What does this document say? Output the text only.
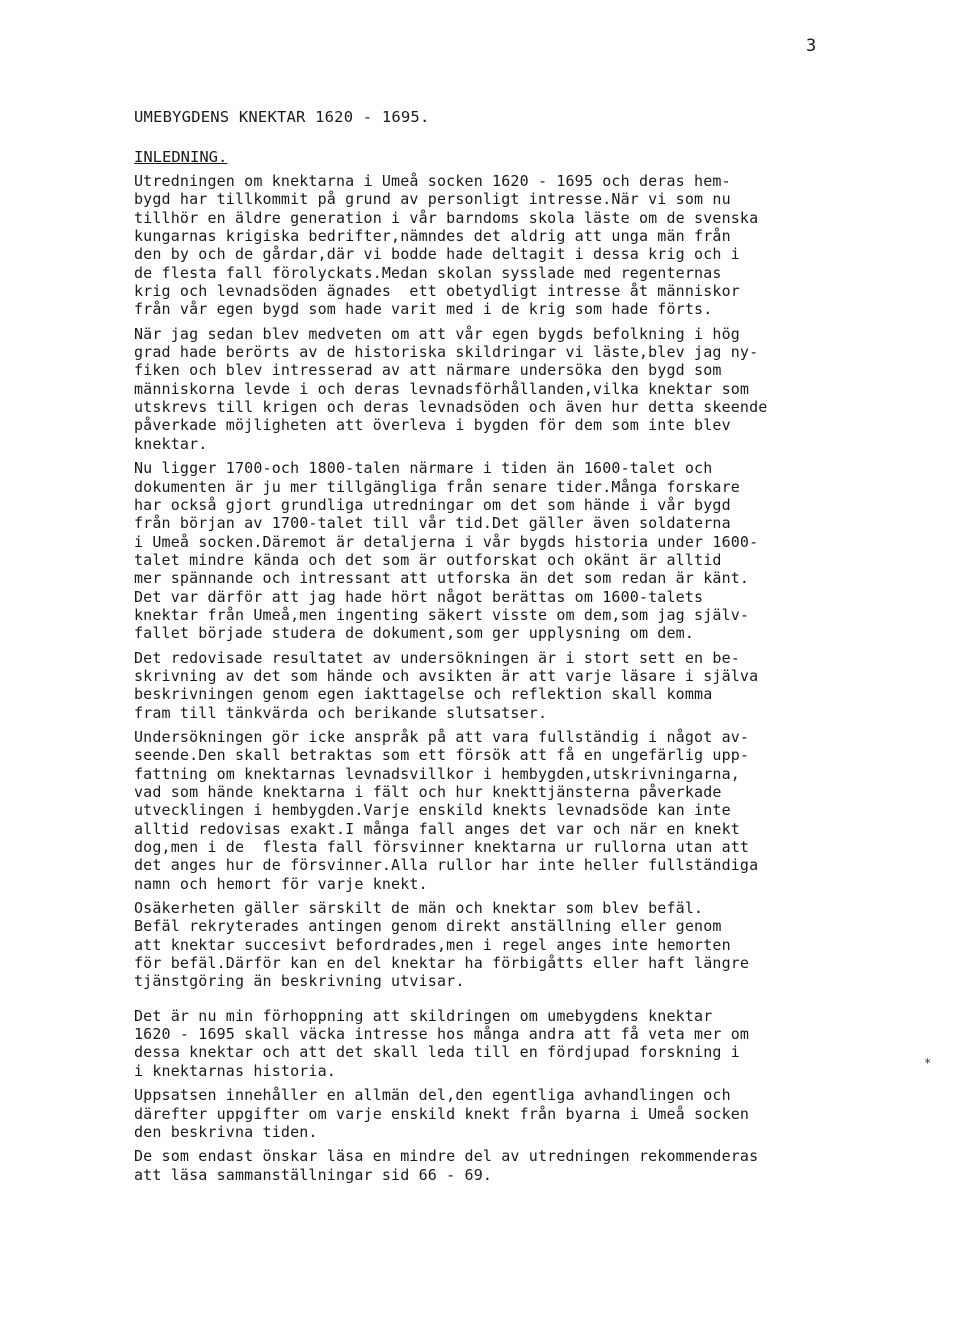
3
UMEBYGDENS KNEKTAR 1620 - 1695.
INLEDNING.
Utredningen om knektarna i Umeå socken 1620 - 1695 och deras hem-
bygd har tillkommit på grund av personligt intresse.När vi som nu
tillhör en äldre generation i vår barndoms skola läste om de svenska
kungarnas krigiska bedrifter,nämndes det aldrig att unga män från
den by och de gårdar,där vi bodde hade deltagit i dessa krig och i
de flesta fall förolyckats.Medan skolan sysslade med regenternas
krig och levnadsöden ägnades  ett obetydligt intresse åt människor
från vår egen bygd som hade varit med i de krig som hade förts.
När jag sedan blev medveten om att vår egen bygds befolkning i hög
grad hade berörts av de historiska skildringar vi läste,blev jag ny-
fiken och blev intresserad av att närmare undersöka den bygd som
människorna levde i och deras levnadsförhållanden,vilka knektar som
utskrevs till krigen och deras levnadsöden och även hur detta skeende
påverkade möjligheten att överleva i bygden för dem som inte blev
knektar.
Nu ligger 1700-och 1800-talen närmare i tiden än 1600-talet och
dokumenten är ju mer tillgängliga från senare tider.Många forskare
har också gjort grundliga utredningar om det som hände i vår bygd
från början av 1700-talet till vår tid.Det gäller även soldaterna
i Umeå socken.Däremot är detaljerna i vår bygds historia under 1600-
talet mindre kända och det som är outforskat och okänt är alltid
mer spännande och intressant att utforska än det som redan är känt.
Det var därför att jag hade hört något berättas om 1600-talets
knektar från Umeå,men ingenting säkert visste om dem,som jag själv-
fallet började studera de dokument,som ger upplysning om dem.
Det redovisade resultatet av undersökningen är i stort sett en be-
skrivning av det som hände och avsikten är att varje läsare i själva
beskrivningen genom egen iakttagelse och reflektion skall komma
fram till tänkvärda och berikande slutsatser.
Undersökningen gör icke anspråk på att vara fullständig i något av-
seende.Den skall betraktas som ett försök att få en ungefärlig upp-
fattning om knektarnas levnadsvillkor i hembygden,utskrivningarna,
vad som hände knektarna i fält och hur knekttjänsterna påverkade
utvecklingen i hembygden.Varje enskild knekts levnadsöde kan inte
alltid redovisas exakt.I många fall anges det var och när en knekt
dog,men i de  flesta fall försvinner knektarna ur rullorna utan att
det anges hur de försvinner.Alla rullor har inte heller fullständiga
namn och hemort för varje knekt.
Osäkerheten gäller särskilt de män och knektar som blev befäl.
Befäl rekryterades antingen genom direkt anställning eller genom
att knektar succesivt befordrades,men i regel anges inte hemorten
för befäl.Därför kan en del knektar ha förbigåtts eller haft längre
tjänstgöring än beskrivning utvisar.
Det är nu min förhoppning att skildringen om umebygdens knektar
1620 - 1695 skall väcka intresse hos många andra att få veta mer om
dessa knektar och att det skall leda till en fördjupad forskning i
i knektarnas historia.
Uppsatsen innehåller en allmän del,den egentliga avhandlingen och
därefter uppgifter om varje enskild knekt från byarna i Umeå socken
den beskrivna tiden.
De som endast önskar läsa en mindre del av utredningen rekommenderas
att läsa sammanställningar sid 66 - 69.
*
